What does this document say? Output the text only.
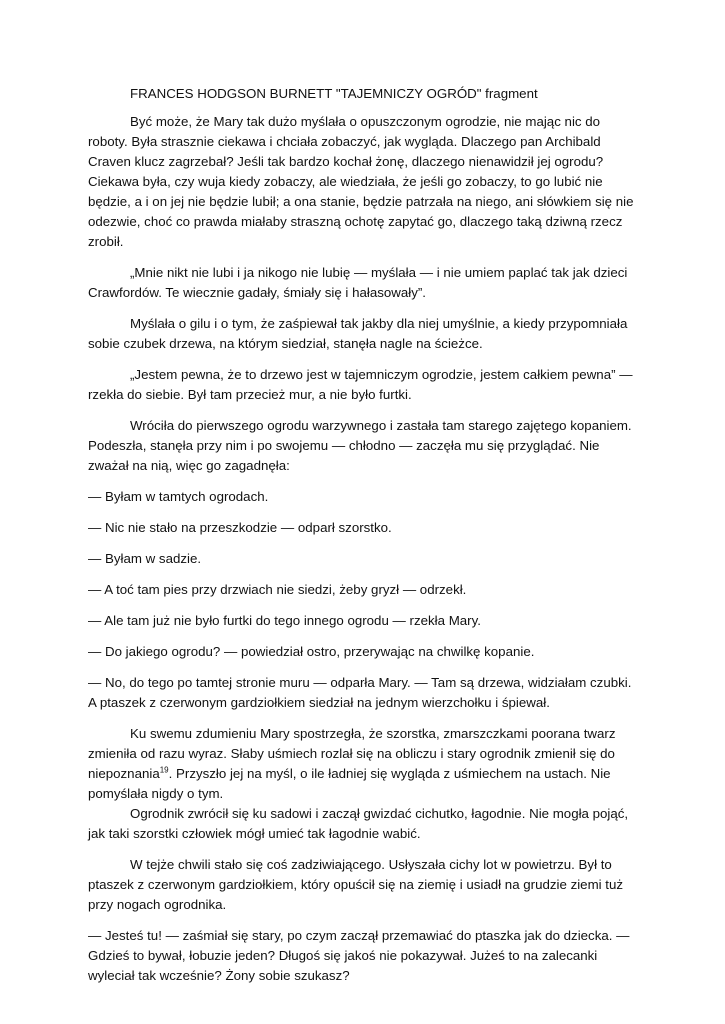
FRANCES HODGSON BURNETT "TAJEMNICZY OGRÓD" fragment

Być może, że Mary tak dużo myślała o opuszczonym ogrodzie, nie mając nic do roboty. Była strasznie ciekawa i chciała zobaczyć, jak wygląda. Dlaczego pan Archibald Craven klucz zagrzebał? Jeśli tak bardzo kochał żonę, dlaczego nienawidził jej ogrodu? Ciekawa była, czy wuja kiedy zobaczy, ale wiedziała, że jeśli go zobaczy, to go lubić nie będzie, a i on jej nie będzie lubił; a ona stanie, będzie patrzała na niego, ani słówkiem się nie odezwie, choć co prawda miałaby straszną ochotę zapytać go, dlaczego taką dziwną rzecz zrobił.

„Mnie nikt nie lubi i ja nikogo nie lubię — myślała — i nie umiem paplać tak jak dzieci Crawfordów. Te wiecznie gadały, śmiały się i hałasowały”.

Myślała o gilu i o tym, że zaśpiewał tak jakby dla niej umyślnie, a kiedy przypomniała sobie czubek drzewa, na którym siedział, stanęła nagle na ścieżce.

„Jestem pewna, że to drzewo jest w tajemniczym ogrodzie, jestem całkiem pewna” — rzekła do siebie. Był tam przecież mur, a nie było furtki.

Wróciła do pierwszego ogrodu warzywnego i zastała tam starego zajętego kopaniem. Podeszła, stanęła przy nim i po swojemu — chłodno — zaczęła mu się przyglądać. Nie zważał na nią, więc go zagadnęła:

— Byłam w tamtych ogrodach.

— Nic nie stało na przeszkodzie — odparł szorstko.

— Byłam w sadzie.

— A toć tam pies przy drzwiach nie siedzi, żeby gryzł — odrzekł.

— Ale tam już nie było furtki do tego innego ogrodu — rzekła Mary.

— Do jakiego ogrodu? — powiedział ostro, przerywając na chwilkę kopanie.

— No, do tego po tamtej stronie muru — odparła Mary. — Tam są drzewa, widziałam czubki. A ptaszek z czerwonym gardziołkiem siedział na jednym wierzchołku i śpiewał.

Ku swemu zdumieniu Mary spostrzegła, że szorstka, zmarszczkami poorana twarz zmieniła od razu wyraz. Słaby uśmiech rozlał się na obliczu i stary ogrodnik zmienił się do niepoznania$^{19}$. Przyszło jej na myśl, o ile ładniej się wygląda z uśmiechem na ustach. Nie pomyślała nigdy o tym.

Ogrodnik zwrócił się ku sadowi i zaczął gwizdać cichutko, łagodnie. Nie mogła pojąć, jak taki szorstki człowiek mógł umieć tak łagodnie wabić.

W tejże chwili stało się coś zadziwiającego. Usłyszała cichy lot w powietrzu. Był to ptaszek z czerwonym gardziołkiem, który opuścił się na ziemię i usiadł na grudzie ziemi tuż przy nogach ogrodnika.

— Jesteś tu! — zaśmiał się stary, po czym zaczął przemawiać do ptaszka jak do dziecka. — Gdzieś to bywał, łobuzie jeden? Długoś się jakoś nie pokazywał. Jużeś to na zalecanki wyleciał tak wcześnie? Żony sobie szukasz?
